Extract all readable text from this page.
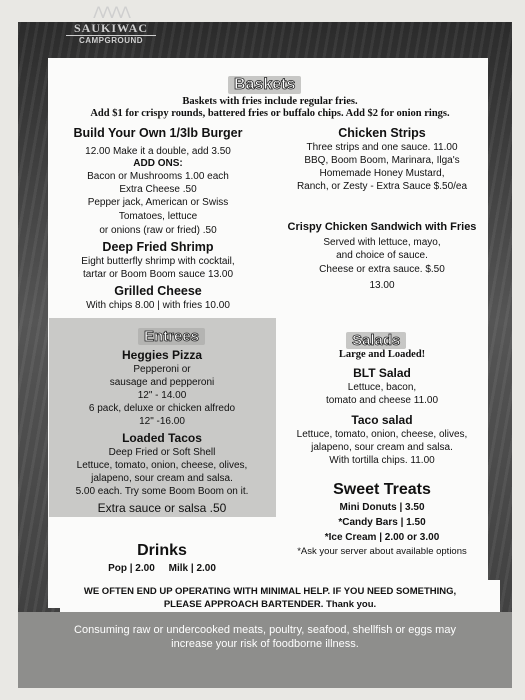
ᐱᐱᐱᐱ
SAUKIWAC
CAMPGROUND
Baskets
Baskets with fries include regular fries.
Add $1 for crispy rounds, battered fries or buffalo chips. Add $2 for onion rings.
Build Your Own 1/3lb Burger
12.00 Make it a double, add 3.50
ADD ONS:
Bacon or Mushrooms 1.00 each
Extra Cheese .50
Pepper jack, American or Swiss
Tomatoes, lettuce
or onions (raw or fried) .50
Deep Fried Shrimp
Eight butterfly shrimp with cocktail,
tartar or Boom Boom sauce 13.00
Grilled Cheese
With chips 8.00 | with fries 10.00
Chicken Strips
Three strips and one sauce. 11.00
BBQ, Boom Boom, Marinara, Ilga's
Homemade Honey Mustard,
Ranch, or Zesty - Extra Sauce $.50/ea
Crispy Chicken Sandwich with Fries
Served with lettuce, mayo,
and choice of sauce.
Cheese or extra sauce. $.50
13.00
Entrees
Heggies Pizza
Pepperoni or
sausage and pepperoni
12" - 14.00
6 pack, deluxe or chicken alfredo
12" -16.00
Loaded Tacos
Deep Fried or Soft Shell
Lettuce, tomato, onion, cheese, olives,
jalapeno, sour cream and salsa.
5.00 each. Try some Boom Boom on it.
Extra sauce or salsa .50
Salads
Large and Loaded!
BLT Salad
Lettuce, bacon,
tomato and cheese 11.00
Taco salad
Lettuce, tomato, onion, cheese, olives,
jalapeno, sour cream and salsa.
With tortilla chips. 11.00
Sweet Treats
Mini Donuts | 3.50
*Candy Bars | 1.50
*Ice Cream | 2.00 or 3.00
*Ask your server about available options
Drinks
Pop | 2.00     Milk | 2.00
WE OFTEN END UP OPERATING WITH MINIMAL HELP. IF YOU NEED SOMETHING,
PLEASE APPROACH BARTENDER. Thank you.
Consuming raw or undercooked meats, poultry, seafood, shellfish or eggs may
increase your risk of foodborne illness.
